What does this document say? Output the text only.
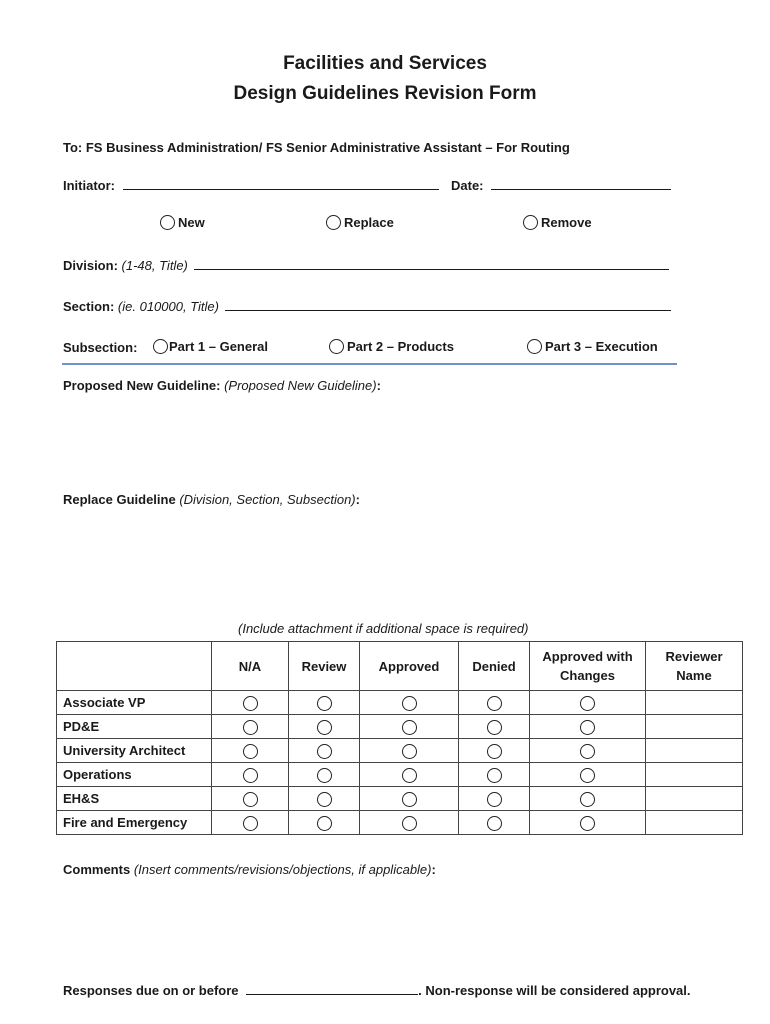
Facilities and Services
Design Guidelines Revision Form
To: FS Business Administration/ FS Senior Administrative Assistant – For Routing
Initiator:	Date:
New	Replace	Remove
Division: (1-48, Title)
Section: (ie. 010000, Title)
Subsection: Part 1 – General	Part 2 – Products	Part 3 – Execution
Proposed New Guideline: (Proposed New Guideline):
Replace Guideline (Division, Section, Subsection):
(Include attachment if additional space is required)
	N/A	Review	Approved	Denied	Approved with Changes	Reviewer Name
Associate VP						
PD&E						
University Architect						
Operations						
EH&S						
Fire and Emergency						
Comments (Insert comments/revisions/objections, if applicable):
Responses due on or before	. Non-response will be considered approval.
